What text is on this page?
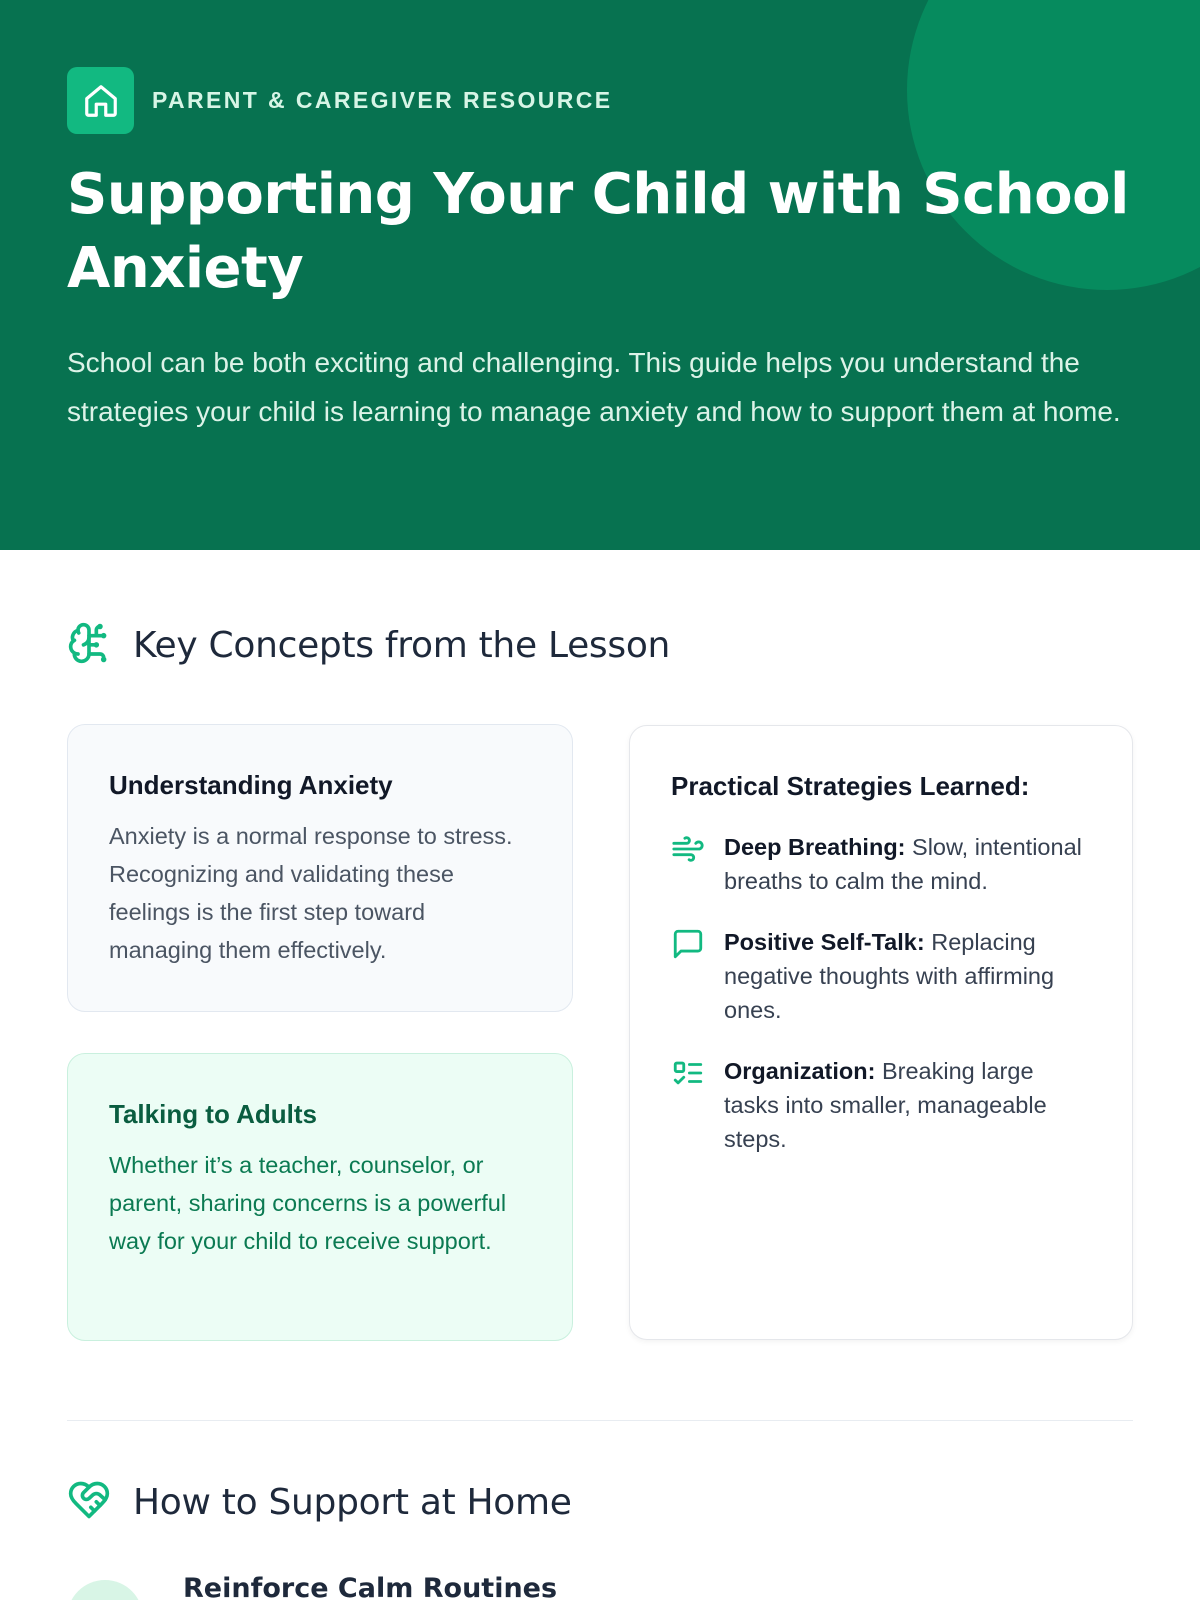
PARENT & CAREGIVER RESOURCE
Supporting Your Child with School Anxiety

School can be both exciting and challenging. This guide helps you understand the strategies your child is learning to manage anxiety and how to support them at home.

Key Concepts from the Lesson
Understanding Anxiety

Anxiety is a normal response to stress. Recognizing and validating these feelings is the first step toward managing them effectively.

Talking to Adults

Whether it’s a teacher, counselor, or parent, sharing concerns is a powerful way for your child to receive support.

Practical Strategies Learned:
Deep Breathing: Slow, intentional breaths to calm the mind.
Positive Self-Talk: Replacing negative thoughts with affirming ones.
Organization: Breaking large tasks into smaller, manageable steps.
How to Support at Home
Reinforce Calm Routines
